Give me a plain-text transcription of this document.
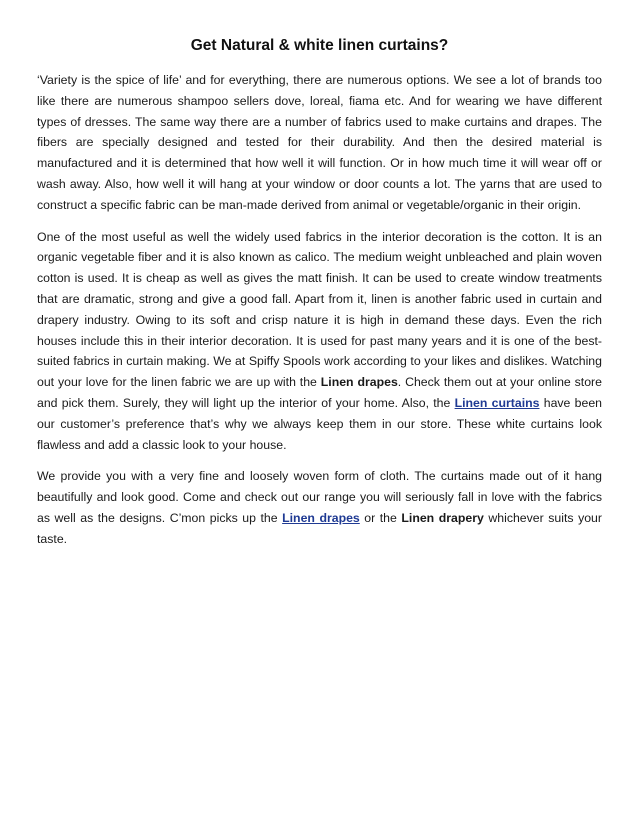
Get Natural & white linen curtains?

‘Variety is the spice of life’ and for everything, there are numerous options. We see a lot of brands too like there are numerous shampoo sellers dove, loreal, fiama etc. And for wearing we have different types of dresses. The same way there are a number of fabrics used to make curtains and drapes. The fibers are specially designed and tested for their durability. And then the desired material is manufactured and it is determined that how well it will function. Or in how much time it will wear off or wash away. Also, how well it will hang at your window or door counts a lot. The yarns that are used to construct a specific fabric can be man-made derived from animal or vegetable/organic in their origin.

One of the most useful as well the widely used fabrics in the interior decoration is the cotton. It is an organic vegetable fiber and it is also known as calico. The medium weight unbleached and plain woven cotton is used. It is cheap as well as gives the matt finish. It can be used to create window treatments that are dramatic, strong and give a good fall. Apart from it, linen is another fabric used in curtain and drapery industry. Owing to its soft and crisp nature it is high in demand these days. Even the rich houses include this in their interior decoration. It is used for past many years and it is one of the best-suited fabrics in curtain making. We at Spiffy Spools work according to your likes and dislikes. Watching out your love for the linen fabric we are up with the Linen drapes. Check them out at your online store and pick them. Surely, they will light up the interior of your home. Also, the Linen curtains have been our customer’s preference that’s why we always keep them in our store. These white curtains look flawless and add a classic look to your house.

We provide you with a very fine and loosely woven form of cloth. The curtains made out of it hang beautifully and look good. Come and check out our range you will seriously fall in love with the fabrics as well as the designs. C’mon picks up the Linen drapes or the Linen drapery whichever suits your taste.
